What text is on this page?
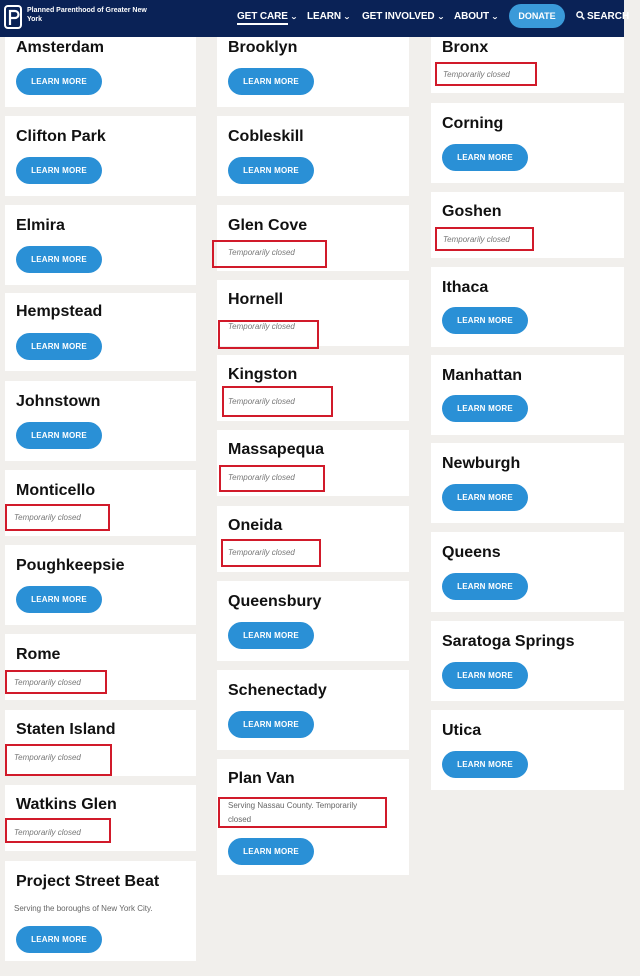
Planned Parenthood of Greater New York	GET CARE ⌄ LEARN ⌄ GET INVOLVED ⌄ ABOUT ⌄	DONATE	SEARCH
Amsterdam
LEARN MORE
Clifton Park
LEARN MORE
Elmira
LEARN MORE
Hempstead
LEARN MORE
Johnstown
LEARN MORE
Monticello
Temporarily closed
Poughkeepsie
LEARN MORE
Rome
Temporarily closed
Staten Island
Temporarily closed
Watkins Glen
Temporarily closed
Project Street Beat
Serving the boroughs of New York City.
LEARN MORE
Brooklyn
LEARN MORE
Cobleskill
LEARN MORE
Glen Cove
Temporarily closed
Hornell
Temporarily closed
Kingston
Temporarily closed
Massapequa
Temporarily closed
Oneida
Temporarily closed
Queensbury
LEARN MORE
Schenectady
LEARN MORE
Plan Van
Serving Nassau County. Temporarily
closed
LEARN MORE
Bronx
Temporarily closed
Corning
LEARN MORE
Goshen
Temporarily closed
Ithaca
LEARN MORE
Manhattan
LEARN MORE
Newburgh
LEARN MORE
Queens
LEARN MORE
Saratoga Springs
LEARN MORE
Utica
LEARN MORE
